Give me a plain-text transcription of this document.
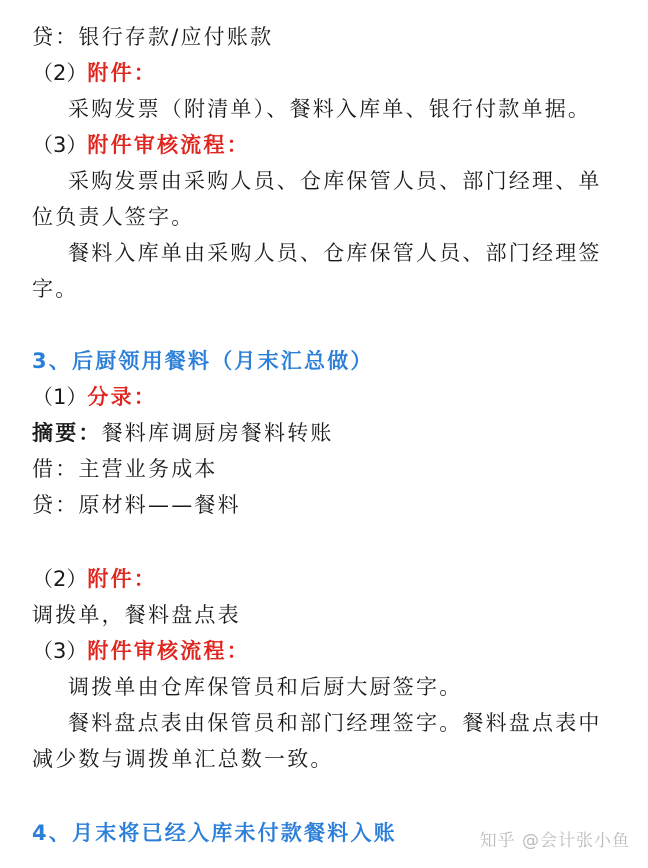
贷：银行存款/应付账款

（2）附件：

采购发票（附清单）、餐料入库单、银行付款单据。

（3）附件审核流程：

采购发票由采购人员、仓库保管人员、部门经理、单

位负责人签字。

餐料入库单由采购人员、仓库保管人员、部门经理签

字。

3、后厨领用餐料（月末汇总做）

（1）分录：

摘要：餐料库调厨房餐料转账

借：主营业务成本

贷：原材料——餐料

（2）附件：

调拨单，餐料盘点表

（3）附件审核流程：

调拨单由仓库保管员和后厨大厨签字。

餐料盘点表由保管员和部门经理签字。餐料盘点表中

减少数与调拨单汇总数一致。

4、月末将已经入库未付款餐料入账	知乎 @会计张小鱼
